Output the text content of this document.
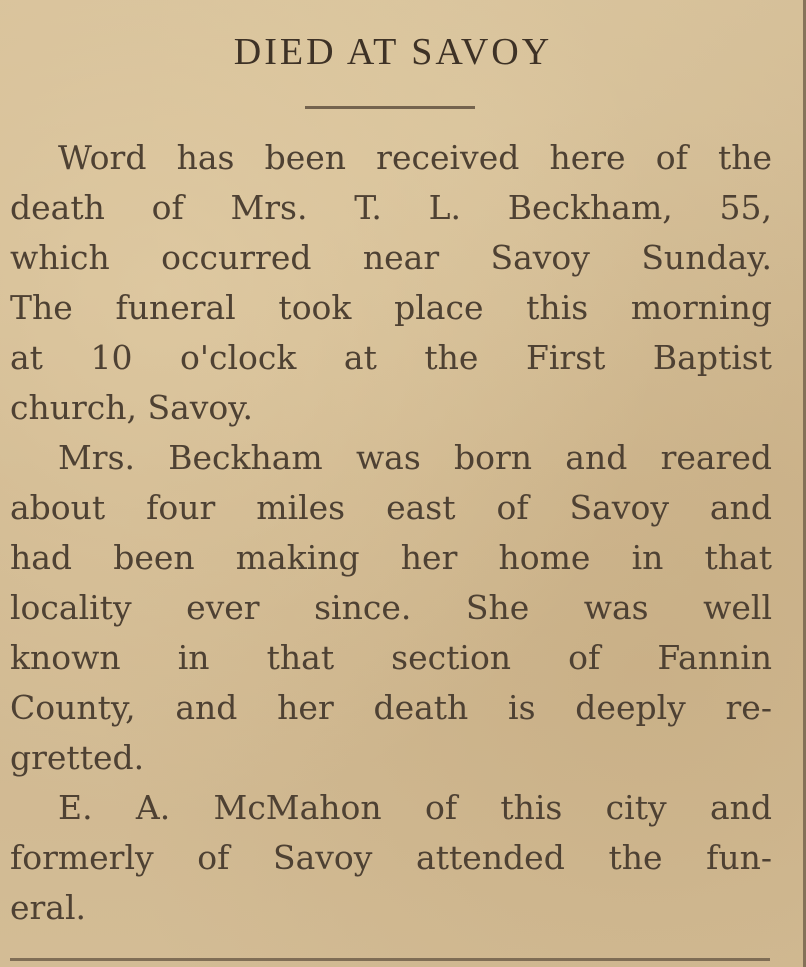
DIED AT SAVOY
Word has been received here of the
death of Mrs. T. L. Beckham, 55,
which occurred near Savoy Sunday.
The funeral took place this morning
at 10 o'clock at the First Baptist
church, Savoy.
Mrs. Beckham was born and reared
about four miles east of Savoy and
had been making her home in that
locality ever since. She was well
known in that section of Fannin
County, and her death is deeply re-
gretted.
E. A. McMahon of this city and
formerly of Savoy attended the fun-
eral.
